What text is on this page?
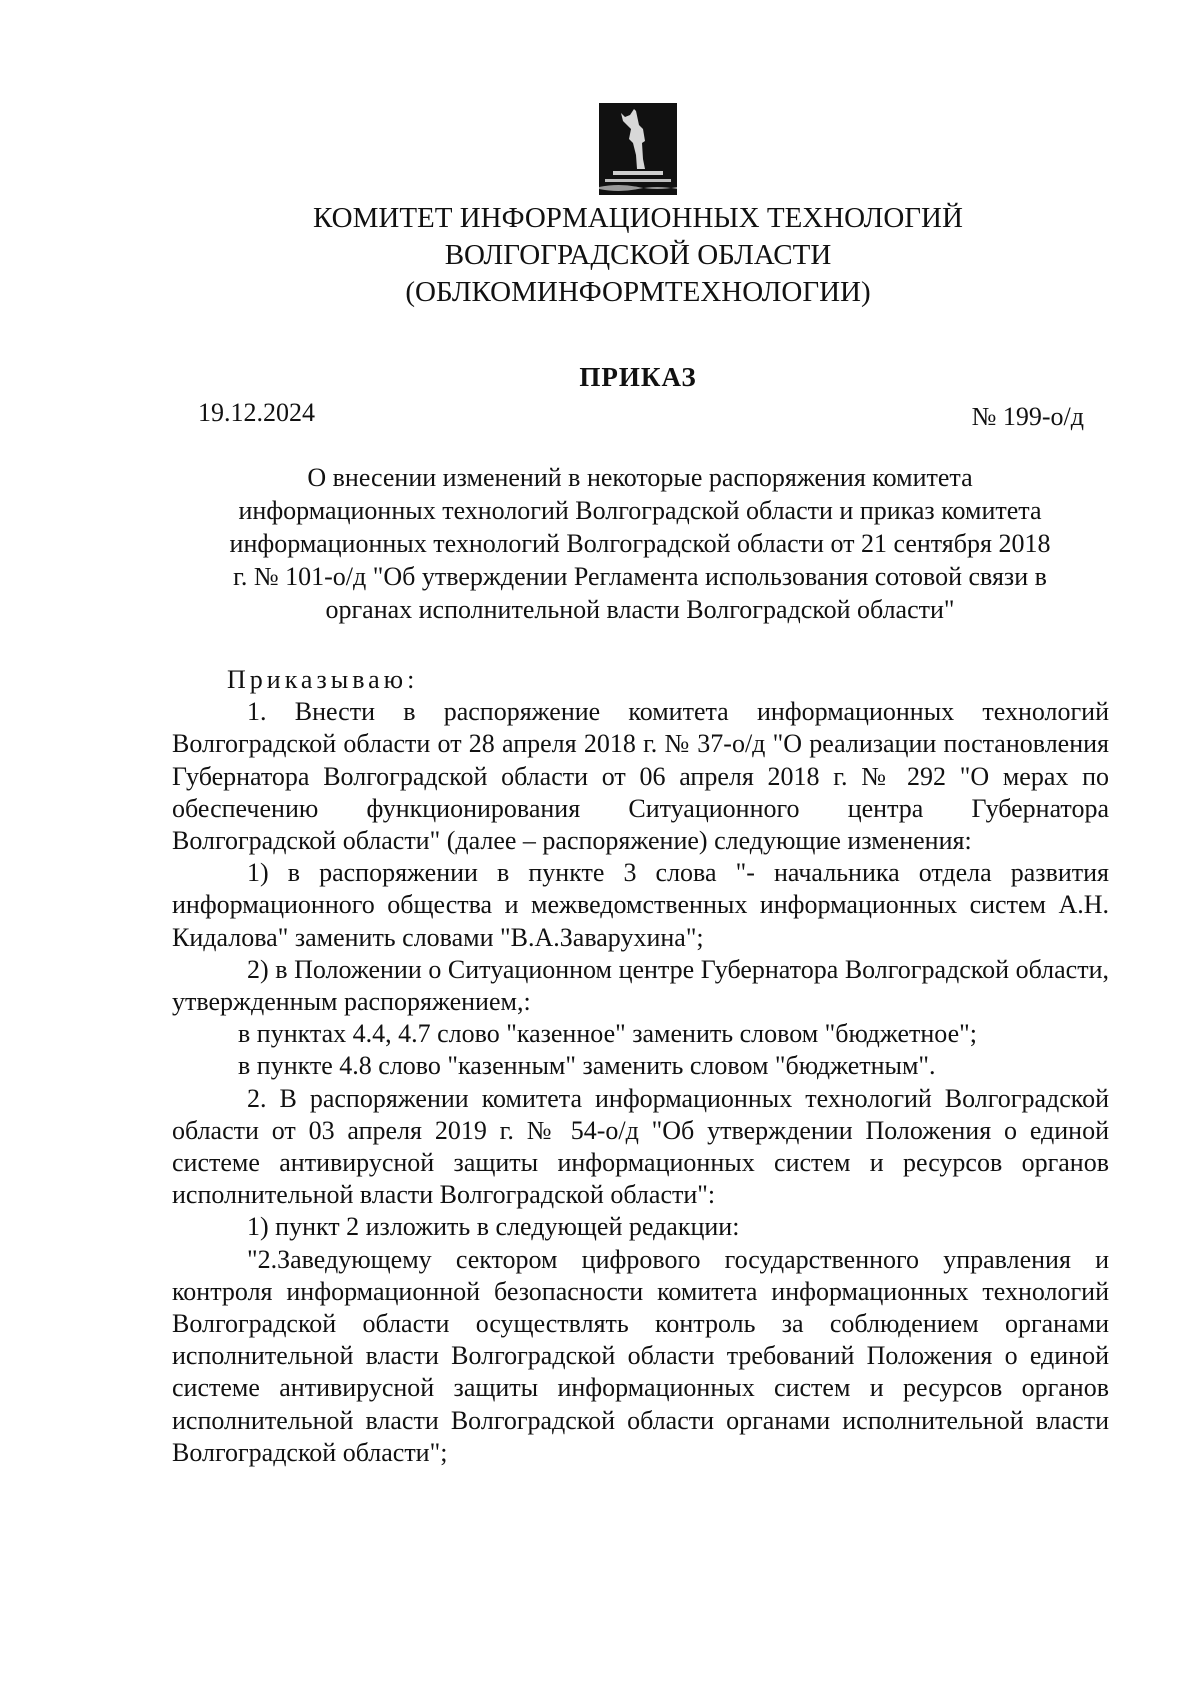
КОМИТЕТ ИНФОРМАЦИОННЫХ ТЕХНОЛОГИЙ
ВОЛГОГРАДСКОЙ ОБЛАСТИ
(ОБЛКОМИНФОРМТЕХНОЛОГИИ)
ПРИКАЗ
19.12.2024	№ 199-о/д
О внесении изменений в некоторые распоряжения комитета
информационных технологий Волгоградской области и приказ комитета
информационных технологий Волгоградской области от 21 сентября 2018
г. № 101-о/д "Об утверждении Регламента использования сотовой связи в
органах исполнительной власти Волгоградской области"

Приказываю:

1. Внести в распоряжение комитета информационных технологий Волгоградской области от 28 апреля 2018 г. № 37-о/д "О реализации постановления Губернатора Волгоградской области от 06 апреля 2018 г. № 292 "О мерах по обеспечению функционирования Ситуационного центра Губернатора Волгоградской области" (далее – распоряжение) следующие изменения:

1) в распоряжении в пункте 3 слова "- начальника отдела развития информационного общества и межведомственных информационных систем А.Н. Кидалова" заменить словами "В.А.Заварухина";

2) в Положении о Ситуационном центре Губернатора Волгоградской области, утвержденным распоряжением,:

в пунктах 4.4, 4.7 слово "казенное" заменить словом "бюджетное";

в пункте 4.8 слово "казенным" заменить словом "бюджетным".

2. В распоряжении комитета информационных технологий Волгоградской области от 03 апреля 2019 г. № 54-о/д "Об утверждении Положения о единой системе антивирусной защиты информационных систем и ресурсов органов исполнительной власти Волгоградской области":

1) пункт 2 изложить в следующей редакции:

"2.Заведующему сектором цифрового государственного управления и контроля информационной безопасности комитета информационных технологий Волгоградской области осуществлять контроль за соблюдением органами исполнительной власти Волгоградской области требований Положения о единой системе антивирусной защиты информационных систем и ресурсов органов исполнительной власти Волгоградской области органами исполнительной власти Волгоградской области";
